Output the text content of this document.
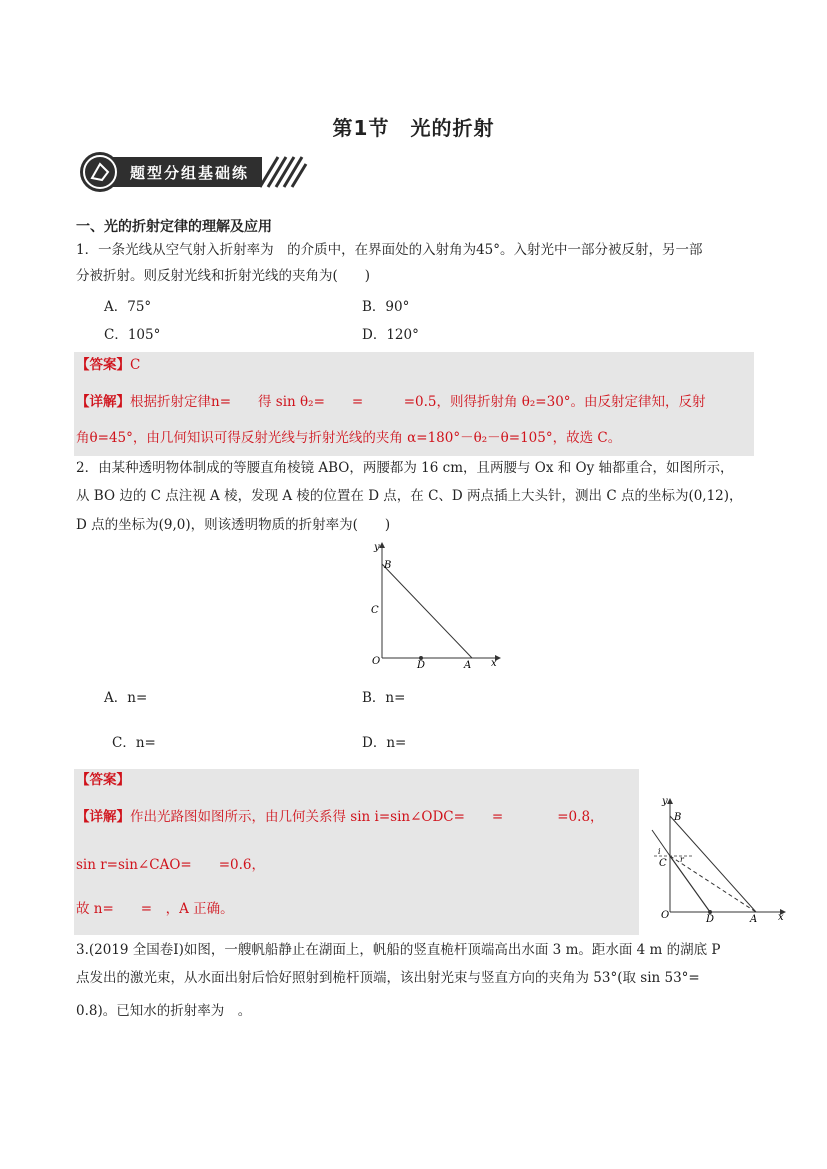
第1节　光的折射
题型分组基础练
一、光的折射定律的理解及应用
1．一条光线从空气射入折射率为　的介质中，在界面处的入射角为45°。入射光中一部分被反射，另一部
分被折射。则反射光线和折射光线的夹角为(　　)
A．75°	B．90°
C．105°	D．120°
【答案】C
【详解】根据折射定律n=　　得 sin θ₂=　　=　　　=0.5，则得折射角 θ₂=30°。由反射定律知，反射
角θ=45°，由几何知识可得反射光线与折射光线的夹角 α=180°－θ₂－θ=105°，故选 C。
2．由某种透明物体制成的等腰直角棱镜 ABO，两腰都为 16 cm，且两腰与 Ox 和 Oy 轴都重合，如图所示，
从 BO 边的 C 点注视 A 棱，发现 A 棱的位置在 D 点，在 C、D 两点插上大头针，测出 C 点的坐标为(0,12)，
D 点的坐标为(9,0)，则该透明物质的折射率为(　　)
y
B
C
O	D	A x
A．n=	B．n=
C．n=	D．n=
【答案】
【详解】作出光路图如图所示，由几何关系得 sin i=sin∠ODC=　　=　　　　=0.8，
sin r=sin∠CAO=　　=0.6，
故 n=　　=　，A 正确。
y
B
C
O	D	A x
i
r
3.(2019 全国卷Ⅰ)如图，一艘帆船静止在湖面上，帆船的竖直桅杆顶端高出水面 3 m。距水面 4 m 的湖底 P
点发出的激光束，从水面出射后恰好照射到桅杆顶端，该出射光束与竖直方向的夹角为 53°(取 sin 53°=
0.8)。已知水的折射率为　。
